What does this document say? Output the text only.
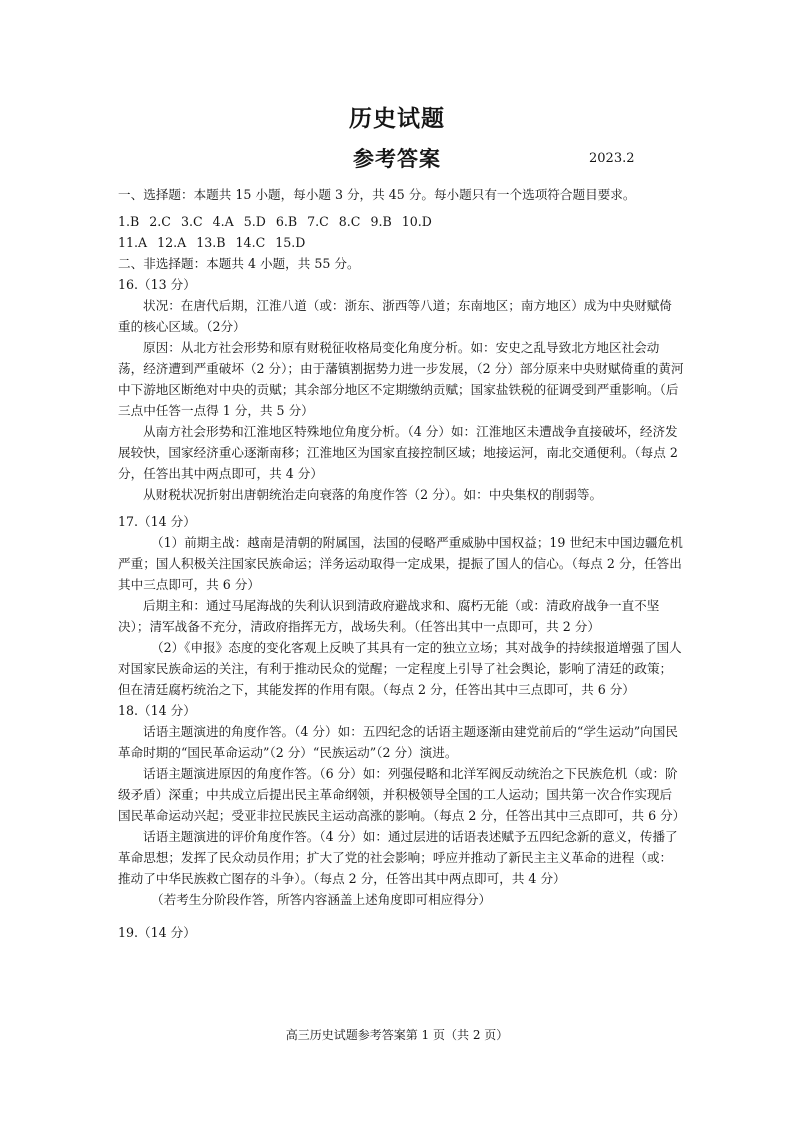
历史试题
参考答案	2023.2

一、选择题：本题共 15 小题，每小题 3 分，共 45 分。每小题只有一个选项符合题目要求。

1.B 2.C 3.C 4.A 5.D 6.B 7.C 8.C 9.B 10.D

11.A 12.A 13.B 14.C 15.D

二、非选择题：本题共 4 小题，共 55 分。

16.（13 分）

状况：在唐代后期，江淮八道（或：浙东、浙西等八道；东南地区；南方地区）成为中央财赋倚重的核心区域。（2分）

原因：从北方社会形势和原有财税征收格局变化角度分析。如：安史之乱导致北方地区社会动荡，经济遭到严重破坏（2 分）；由于藩镇割据势力进一步发展，（2 分）部分原来中央财赋倚重的黄河中下游地区断绝对中央的贡赋；其余部分地区不定期缴纳贡赋；国家盐铁税的征调受到严重影响。（后三点中任答一点得 1 分，共 5 分）

从南方社会形势和江淮地区特殊地位角度分析。（4 分）如：江淮地区未遭战争直接破坏，经济发展较快，国家经济重心逐渐南移；江淮地区为国家直接控制区域；地接运河，南北交通便利。（每点 2 分，任答出其中两点即可，共 4 分）

从财税状况折射出唐朝统治走向衰落的角度作答（2 分）。如：中央集权的削弱等。

17.（14 分）

（1）前期主战：越南是清朝的附属国，法国的侵略严重威胁中国权益；19 世纪末中国边疆危机严重；国人积极关注国家民族命运；洋务运动取得一定成果，提振了国人的信心。（每点 2 分，任答出其中三点即可，共 6 分）

后期主和：通过马尾海战的失利认识到清政府避战求和、腐朽无能（或：清政府战争一直不坚决）；清军战备不充分，清政府指挥无方，战场失利。（任答出其中一点即可，共 2 分）

（2）《申报》态度的变化客观上反映了其具有一定的独立立场；其对战争的持续报道增强了国人对国家民族命运的关注，有利于推动民众的觉醒；一定程度上引导了社会舆论，影响了清廷的政策；但在清廷腐朽统治之下，其能发挥的作用有限。（每点 2 分，任答出其中三点即可，共 6 分）

18.（14 分）

话语主题演进的角度作答。（4 分）如：五四纪念的话语主题逐渐由建党前后的“学生运动”向国民革命时期的“国民革命运动”（2 分）“民族运动”（2 分）演进。

话语主题演进原因的角度作答。（6 分）如：列强侵略和北洋军阀反动统治之下民族危机（或：阶级矛盾）深重；中共成立后提出民主革命纲领，并积极领导全国的工人运动；国共第一次合作实现后国民革命运动兴起；受亚非拉民族民主运动高涨的影响。（每点 2 分，任答出其中三点即可，共 6 分）

话语主题演进的评价角度作答。（4 分）如：通过层进的话语表述赋予五四纪念新的意义，传播了革命思想；发挥了民众动员作用；扩大了党的社会影响；呼应并推动了新民主主义革命的进程（或：推动了中华民族救亡图存的斗争）。（每点 2 分，任答出其中两点即可，共 4 分）

（若考生分阶段作答，所答内容涵盖上述角度即可相应得分）

19.（14 分）

高三历史试题参考答案第 1 页（共 2 页）
